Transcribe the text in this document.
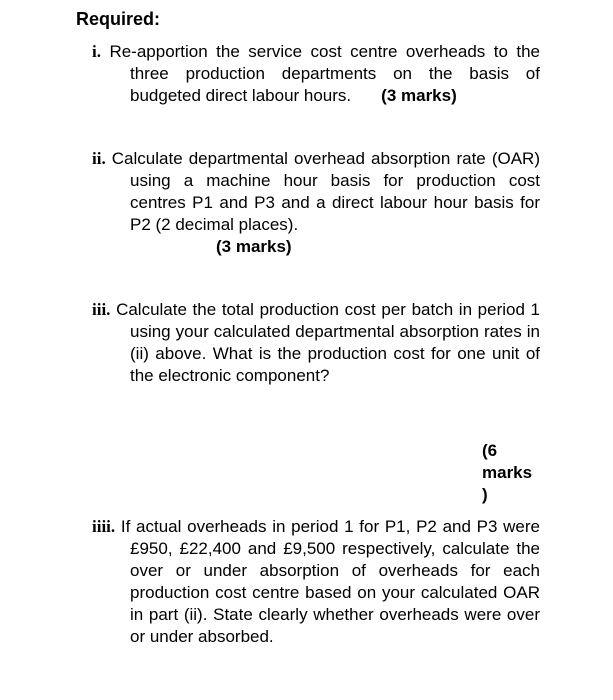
Required:

i. Re-apportion the service cost centre overheads to the three production departments on the basis of budgeted direct labour hours. (3 marks)

ii. Calculate departmental overhead absorption rate (OAR) using a machine hour basis for production cost centres P1 and P3 and a direct labour hour basis for P2 (2 decimal places).
(3 marks)

iii. Calculate the total production cost per batch in period 1 using your calculated departmental absorption rates in (ii) above. What is the production cost for one unit of the electronic component?

(6
marks
)

iiii. If actual overheads in period 1 for P1, P2 and P3 were £950, £22,400 and £9,500 respectively, calculate the over or under absorption of overheads for each production cost centre based on your calculated OAR in part (ii). State clearly whether overheads were over or under absorbed.
